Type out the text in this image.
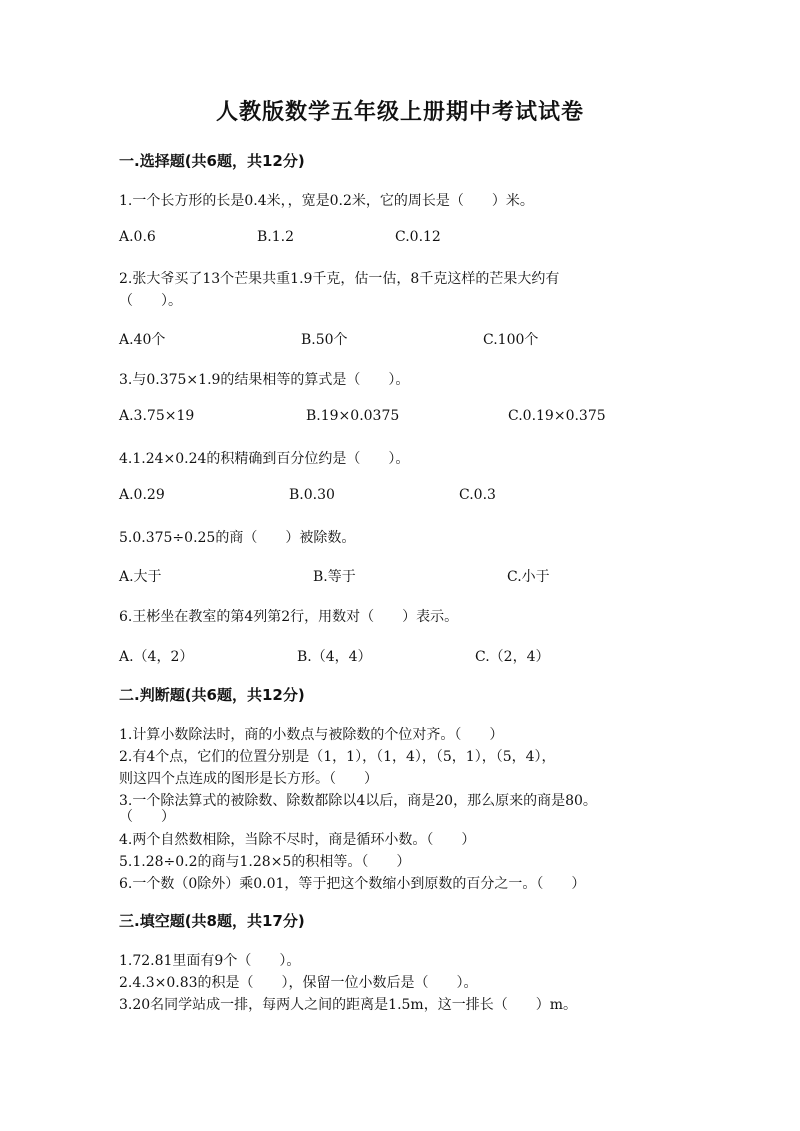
人教版数学五年级上册期中考试试卷
一.选择题(共6题，共12分)
1.一个长方形的长是0.4米，，宽是0.2米，它的周长是（　　）米。
A.0.6	B.1.2	C.0.12
2.张大爷买了13个芒果共重1.9千克，估一估，8千克这样的芒果大约有
（　　）。
A.40个	B.50个	C.100个
3.与0.375×1.9的结果相等的算式是（　　）。
A.3.75×19	B.19×0.0375	C.0.19×0.375
4.1.24×0.24的积精确到百分位约是（　　）。
A.0.29	B.0.30	C.0.3
5.0.375÷0.25的商（　　）被除数。
A.大于	B.等于	C.小于
6.王彬坐在教室的第4列第2行，用数对（　　）表示。
A.（4，2）	B.（4，4）	C.（2，4）
二.判断题(共6题，共12分)
1.计算小数除法时，商的小数点与被除数的个位对齐。（　　）
2.有4个点，它们的位置分别是（1，1），（1，4），（5，1），（5，4），
则这四个点连成的图形是长方形。（　　）
3.一个除法算式的被除数、除数都除以4以后，商是20，那么原来的商是80。
（　　）
4.两个自然数相除，当除不尽时，商是循环小数。（　　）
5.1.28÷0.2的商与1.28×5的积相等。（　　）
6.一个数（0除外）乘0.01，等于把这个数缩小到原数的百分之一。（　　）
三.填空题(共8题，共17分)
1.72.81里面有9个（　　）。
2.4.3×0.83的积是（　　），保留一位小数后是（　　）。
3.20名同学站成一排，每两人之间的距离是1.5m，这一排长（　　）m。
